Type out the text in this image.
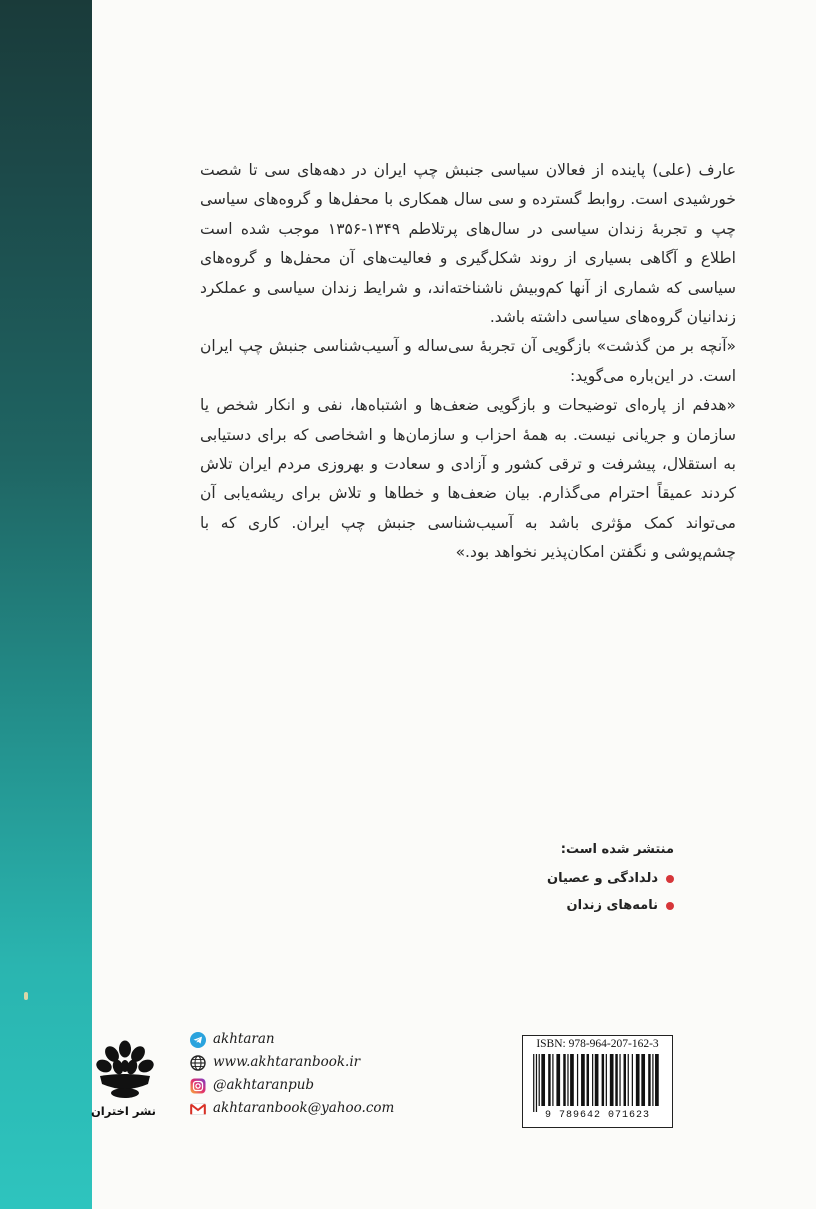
عارف (علی) پاینده از فعالان سیاسی جنبش چپ ایران در دهه‌های سی تا شصت خورشیدی است. روابط گسترده و سی سال همکاری با محفل‌ها و گروه‌های سیاسی چپ و تجربهٔ زندان سیاسی در سال‌های پرتلاطم ۱۳۴۹-۱۳۵۶ موجب شده است اطلاع و آگاهی بسیاری از روند شکل‌گیری و فعالیت‌های آن محفل‌ها و گروه‌های سیاسی که شماری از آنها کم‌وبیش ناشناخته‌اند، و شرایط زندان سیاسی و عملکرد زندانیان گروه‌های سیاسی داشته باشد.

«آنچه بر من گذشت» بازگویی آن تجربهٔ سی‌ساله و آسیب‌شناسی جنبش چپ ایران است. در این‌باره می‌گوید:

«هدفم از پاره‌ای توضیحات و بازگویی ضعف‌ها و اشتباه‌ها، نفی و انکار شخص یا سازمان و جریانی نیست. به همهٔ احزاب و سازمان‌ها و اشخاصی که برای دستیابی به استقلال، پیشرفت و ترقی کشور و آزادی و سعادت و بهروزی مردم ایران تلاش کردند عمیقاً احترام می‌گذارم. بیان ضعف‌ها و خطاها و تلاش برای ریشه‌یابی آن می‌تواند کمک مؤثری باشد به آسیب‌شناسی جنبش چپ ایران. کاری که با چشم‌پوشی و نگفتن امکان‌پذیر نخواهد بود.»

منتشر شده است:
دلدادگی و عصیان
نامه‌های زندان
نشر اختران
akhtaran
www.akhtaranbook.ir
@akhtaranpub
akhtaranbook@yahoo.com
ISBN: 978-964-207-162-3
9 789642 071623
